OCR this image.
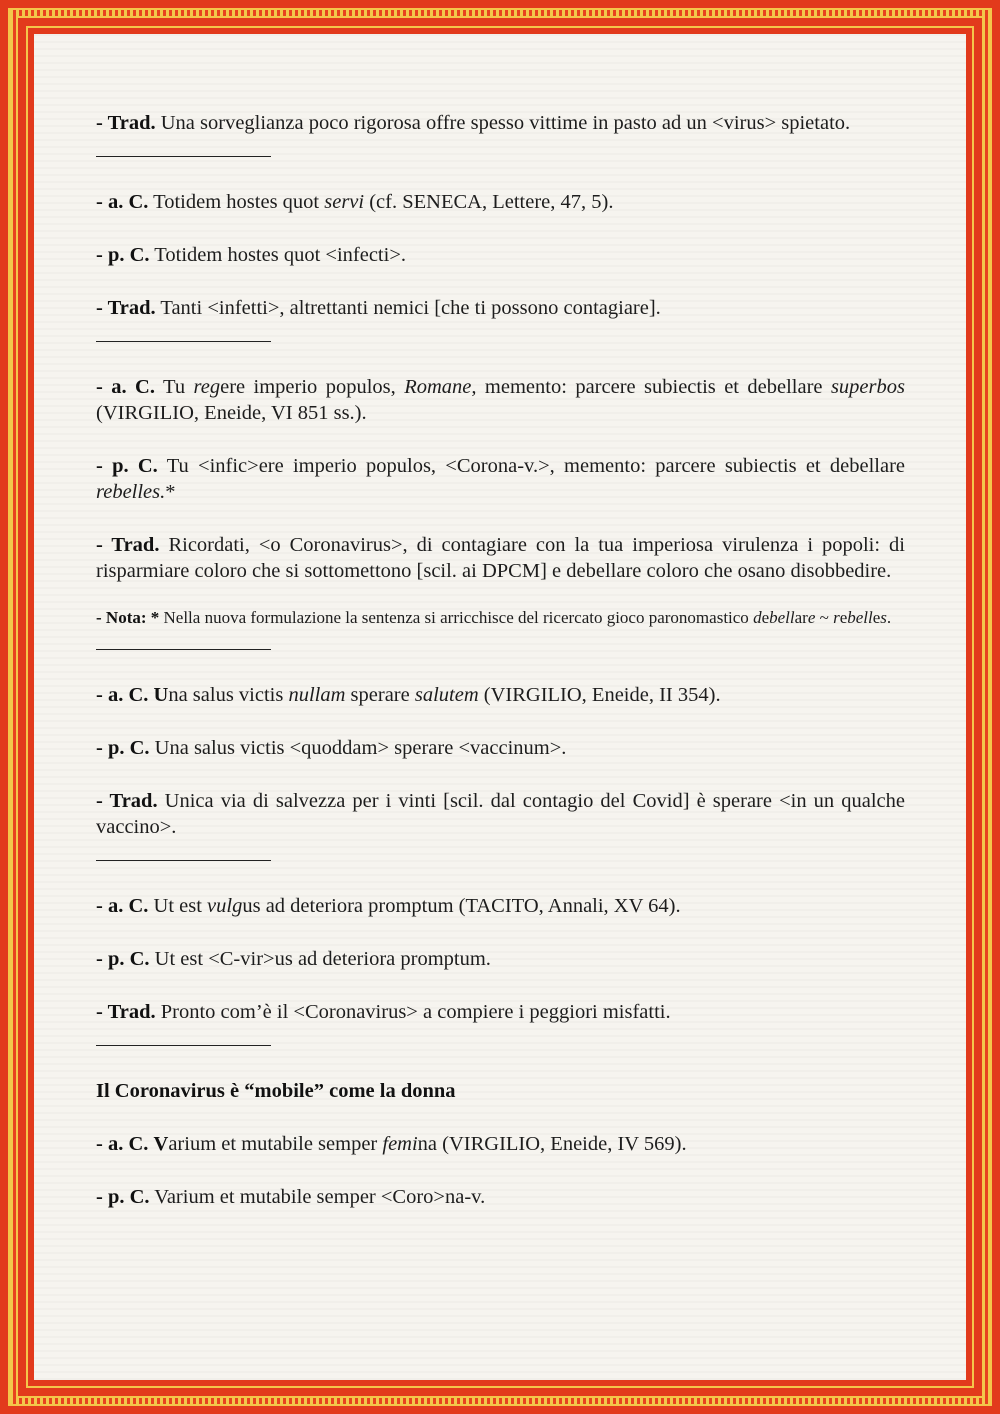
- Trad. Una sorveglianza poco rigorosa offre spesso vittime in pasto ad un <virus> spietato.

- a. C. Totidem hostes quot servi (cf. SENECA, Lettere, 47, 5).

- p. C. Totidem hostes quot <infecti>.

- Trad. Tanti <infetti>, altrettanti nemici [che ti possono contagiare].

- a. C. Tu regere imperio populos, Romane, memento: parcere subiectis et debellare superbos (VIRGILIO, Eneide, VI 851 ss.).

- p. C. Tu <infic>ere imperio populos, <Corona-v.>, memento: parcere subiectis et debellare rebelles.*

- Trad. Ricordati, <o Coronavirus>, di contagiare con la tua imperiosa virulenza i popoli: di risparmiare coloro che si sottomettono [scil. ai DPCM] e debellare coloro che osano disobbedire.

- Nota: * Nella nuova formulazione la sentenza si arricchisce del ricercato gioco paronomastico debellare ~ rebelles.

- a. C. Una salus victis nullam sperare salutem (VIRGILIO, Eneide, II 354).

- p. C. Una salus victis <quoddam> sperare <vaccinum>.

- Trad. Unica via di salvezza per i vinti [scil. dal contagio del Covid] è sperare <in un qualche vaccino>.

- a. C. Ut est vulgus ad deteriora promptum (TACITO, Annali, XV 64).

- p. C. Ut est <C-vir>us ad deteriora promptum.

- Trad. Pronto com’è il <Coronavirus> a compiere i peggiori misfatti.

Il Coronavirus è “mobile” come la donna

- a. C. Varium et mutabile semper femina (VIRGILIO, Eneide, IV 569).

- p. C. Varium et mutabile semper <Coro>na-v.
